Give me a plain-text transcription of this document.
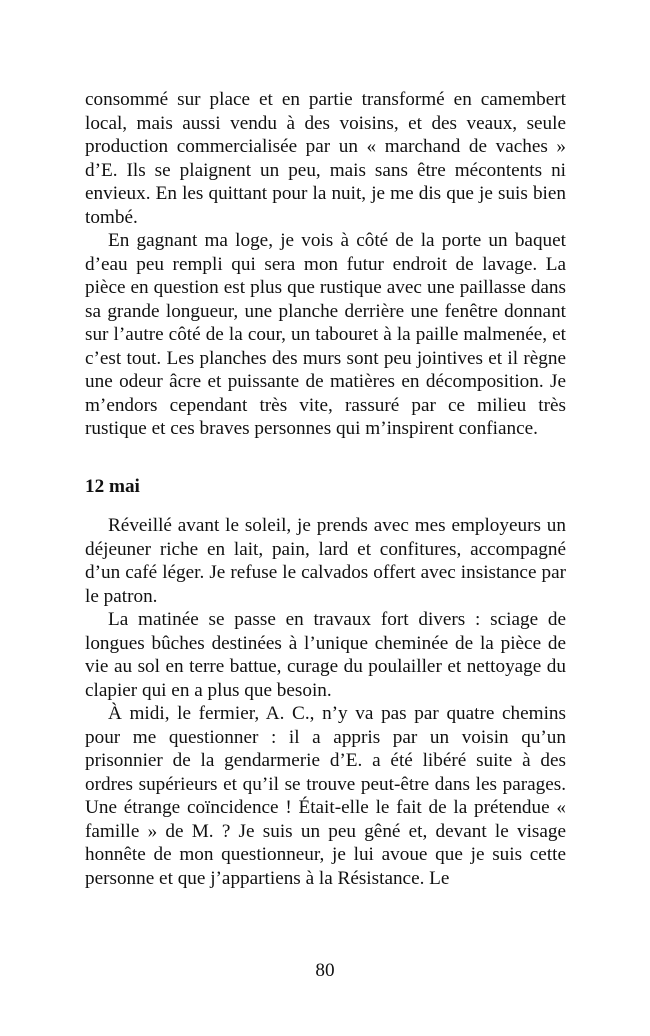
consommé sur place et en partie transformé en camembert local, mais aussi vendu à des voisins, et des veaux, seule production commercialisée par un « marchand de vaches » d’E. Ils se plaignent un peu, mais sans être mécontents ni envieux. En les quittant pour la nuit, je me dis que je suis bien tombé.

En gagnant ma loge, je vois à côté de la porte un baquet d’eau peu rempli qui sera mon futur endroit de lavage. La pièce en question est plus que rustique avec une paillasse dans sa grande longueur, une planche derrière une fenêtre donnant sur l’autre côté de la cour, un tabouret à la paille malmenée, et c’est tout. Les planches des murs sont peu jointives et il règne une odeur âcre et puissante de matières en décomposition. Je m’endors cependant très vite, rassuré par ce milieu très rustique et ces braves personnes qui m’inspirent confiance.

12 mai

Réveillé avant le soleil, je prends avec mes employeurs un déjeuner riche en lait, pain, lard et confitures, accompagné d’un café léger. Je refuse le calvados offert avec insistance par le patron.

La matinée se passe en travaux fort divers : sciage de longues bûches destinées à l’unique cheminée de la pièce de vie au sol en terre battue, curage du poulailler et nettoyage du clapier qui en a plus que besoin.

À midi, le fermier, A. C., n’y va pas par quatre chemins pour me questionner : il a appris par un voisin qu’un prisonnier de la gendarmerie d’E. a été libéré suite à des ordres supérieurs et qu’il se trouve peut-être dans les parages. Une étrange coïncidence ! Était-elle le fait de la prétendue « famille » de M. ? Je suis un peu gêné et, devant le visage honnête de mon questionneur, je lui avoue que je suis cette personne et que j’appartiens à la Résistance. Le

80
